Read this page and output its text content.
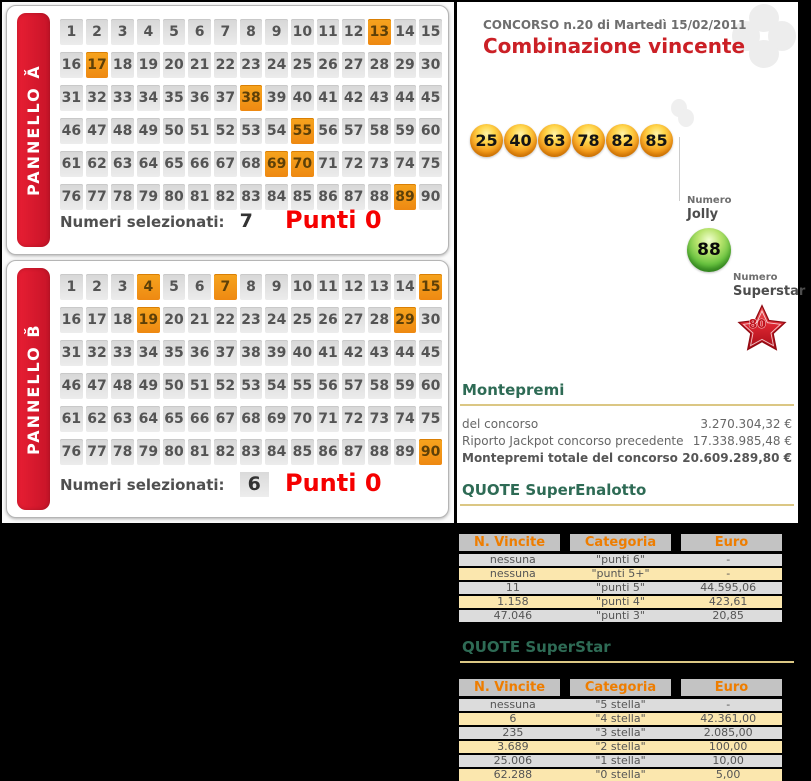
PANNELLO Ǎ
1	2	3	4	5	6	7	8	9 10 11 12 13 14 15
16 17 18 19 20 21 22 23 24 25 26 27 28 29 30
31 32 33 34 35 36 37 38 39 40 41 42 43 44 45
46 47 48 49 50 51 52 53 54 55 56 57 58 59 60
61 62 63 64 65 66 67 68 69 70 71 72 73 74 75
76 77 78 79 80 81 82 83 84 85 86 87 88 89 90
Numeri selezionati: 7 Punti 0
PANNELLO B̌
1	2	3	4	5	6	7	8	9 10 11 12 13 14 15
16 17 18 19 20 21 22 23 24 25 26 27 28 29 30
31 32 33 34 35 36 37 38 39 40 41 42 43 44 45
46 47 48 49 50 51 52 53 54 55 56 57 58 59 60
61 62 63 64 65 66 67 68 69 70 71 72 73 74 75
76 77 78 79 80 81 82 83 84 85 86 87 88 89 90
Numeri selezionati: 6 Punti 0
CONCORSO n.20 di Martedì 15/02/2011
Combinazione vincente
25 40 63 78 82 85
Numero
Jolly
88
Numero
Superstar
80
Montepremi
del concorso	3.270.304,32 €
Riporto Jackpot concorso precedente 17.338.985,48 €
Montepremi totale del concorso 20.609.289,80 €
QUOTE SuperEnalotto
N. Vincite	Categoria	Euro
nessuna	"punti 6"	-
nessuna	"punti 5+"	-
11	"punti 5"	44.595,06
1.158	"punti 4"	423,61
47.046	"punti 3"	20,85
QUOTE SuperStar
N. Vincite	Categoria	Euro
nessuna	"5 stella"	-
6	"4 stella"	42.361,00
235	"3 stella"	2.085,00
3.689	"2 stella"	100,00
25.006	"1 stella"	10,00
62.288	"0 stella"	5,00
